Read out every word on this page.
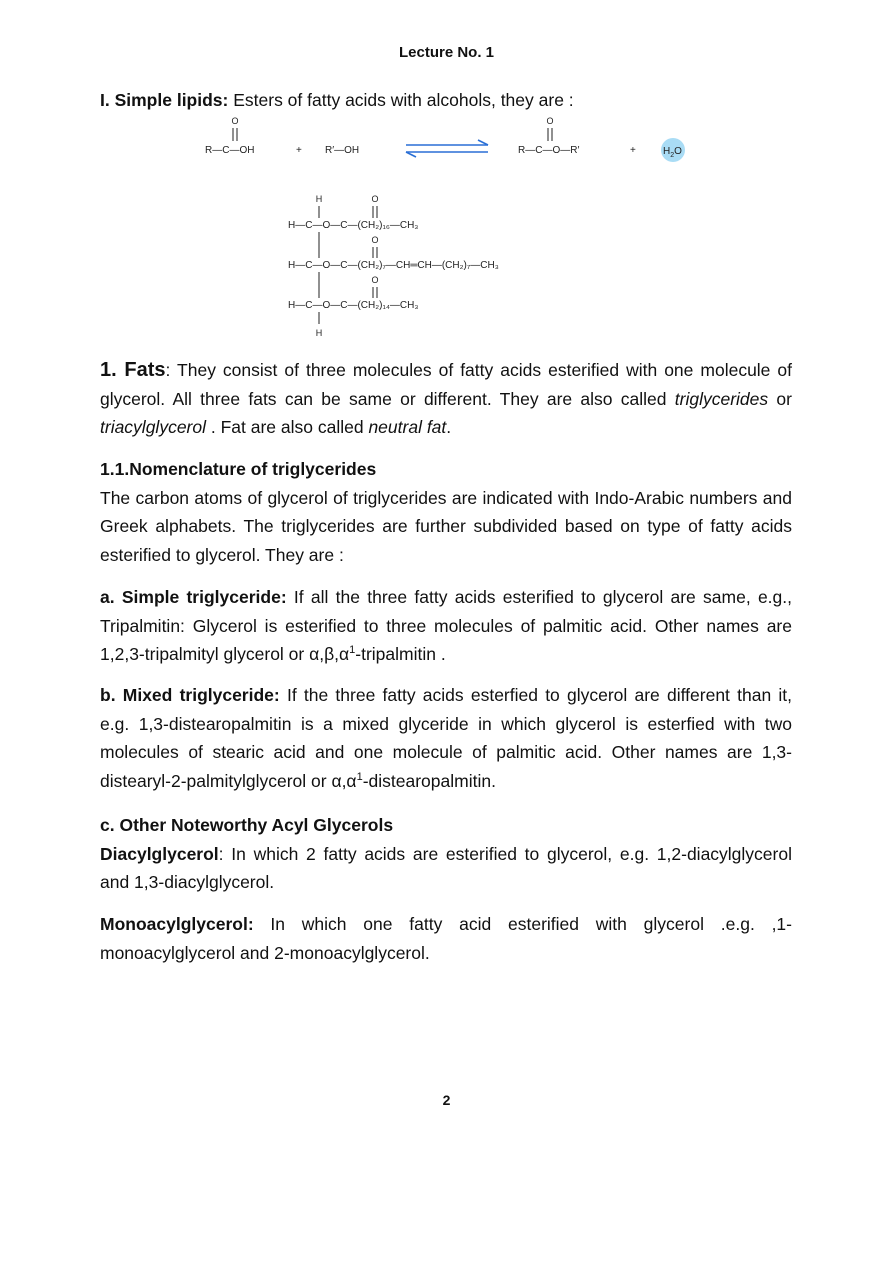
Lecture No. 1

I. Simple lipids: Esters of fatty acids with alcohols, they are :

O
R—C—OH	+ R′—OH
O
R—C—O—R′	+	$H_2O$
H	O
H—C—O—C—(CH₂)₁₆—CH₃
O
H—C—O—C—(CH₂)₇—CH═CH—(CH₂)₇—CH₃
O
H—C—O—C—(CH₂)₁₄—CH₃
H

1. Fats: They consist of three molecules of fatty acids esterified with one molecule of glycerol. All three fats can be same or different. They are also called triglycerides or triacylglycerol . Fat are also called neutral fat.

1.1.Nomenclature of triglycerides

The carbon atoms of glycerol of triglycerides are indicated with Indo-Arabic numbers and Greek alphabets. The triglycerides are further subdivided based on type of fatty acids esterified to glycerol. They are :

a. Simple triglyceride: If all the three fatty acids esterified to glycerol are same, e.g., Tripalmitin: Glycerol is esterified to three molecules of palmitic acid. Other names are 1,2,3-tripalmityl glycerol or $\alpha,\beta,\alpha^1$-tripalmitin .

b. Mixed triglyceride: If the three fatty acids esterfied to glycerol are different than it, e.g. 1,3-distearopalmitin is a mixed glyceride in which glycerol is esterfied with two molecules of stearic acid and one molecule of palmitic acid. Other names are 1,3-distearyl-2-palmitylglycerol or $\alpha,\alpha^1$-distearopalmitin.

c. Other Noteworthy Acyl Glycerols

Diacylglycerol: In which 2 fatty acids are esterified to glycerol, e.g. 1,2-diacylglycerol and 1,3-diacylglycerol.

Monoacylglycerol: In which one fatty acid esterified with glycerol .e.g. ,1-monoacylglycerol and 2-monoacylglycerol.

2
